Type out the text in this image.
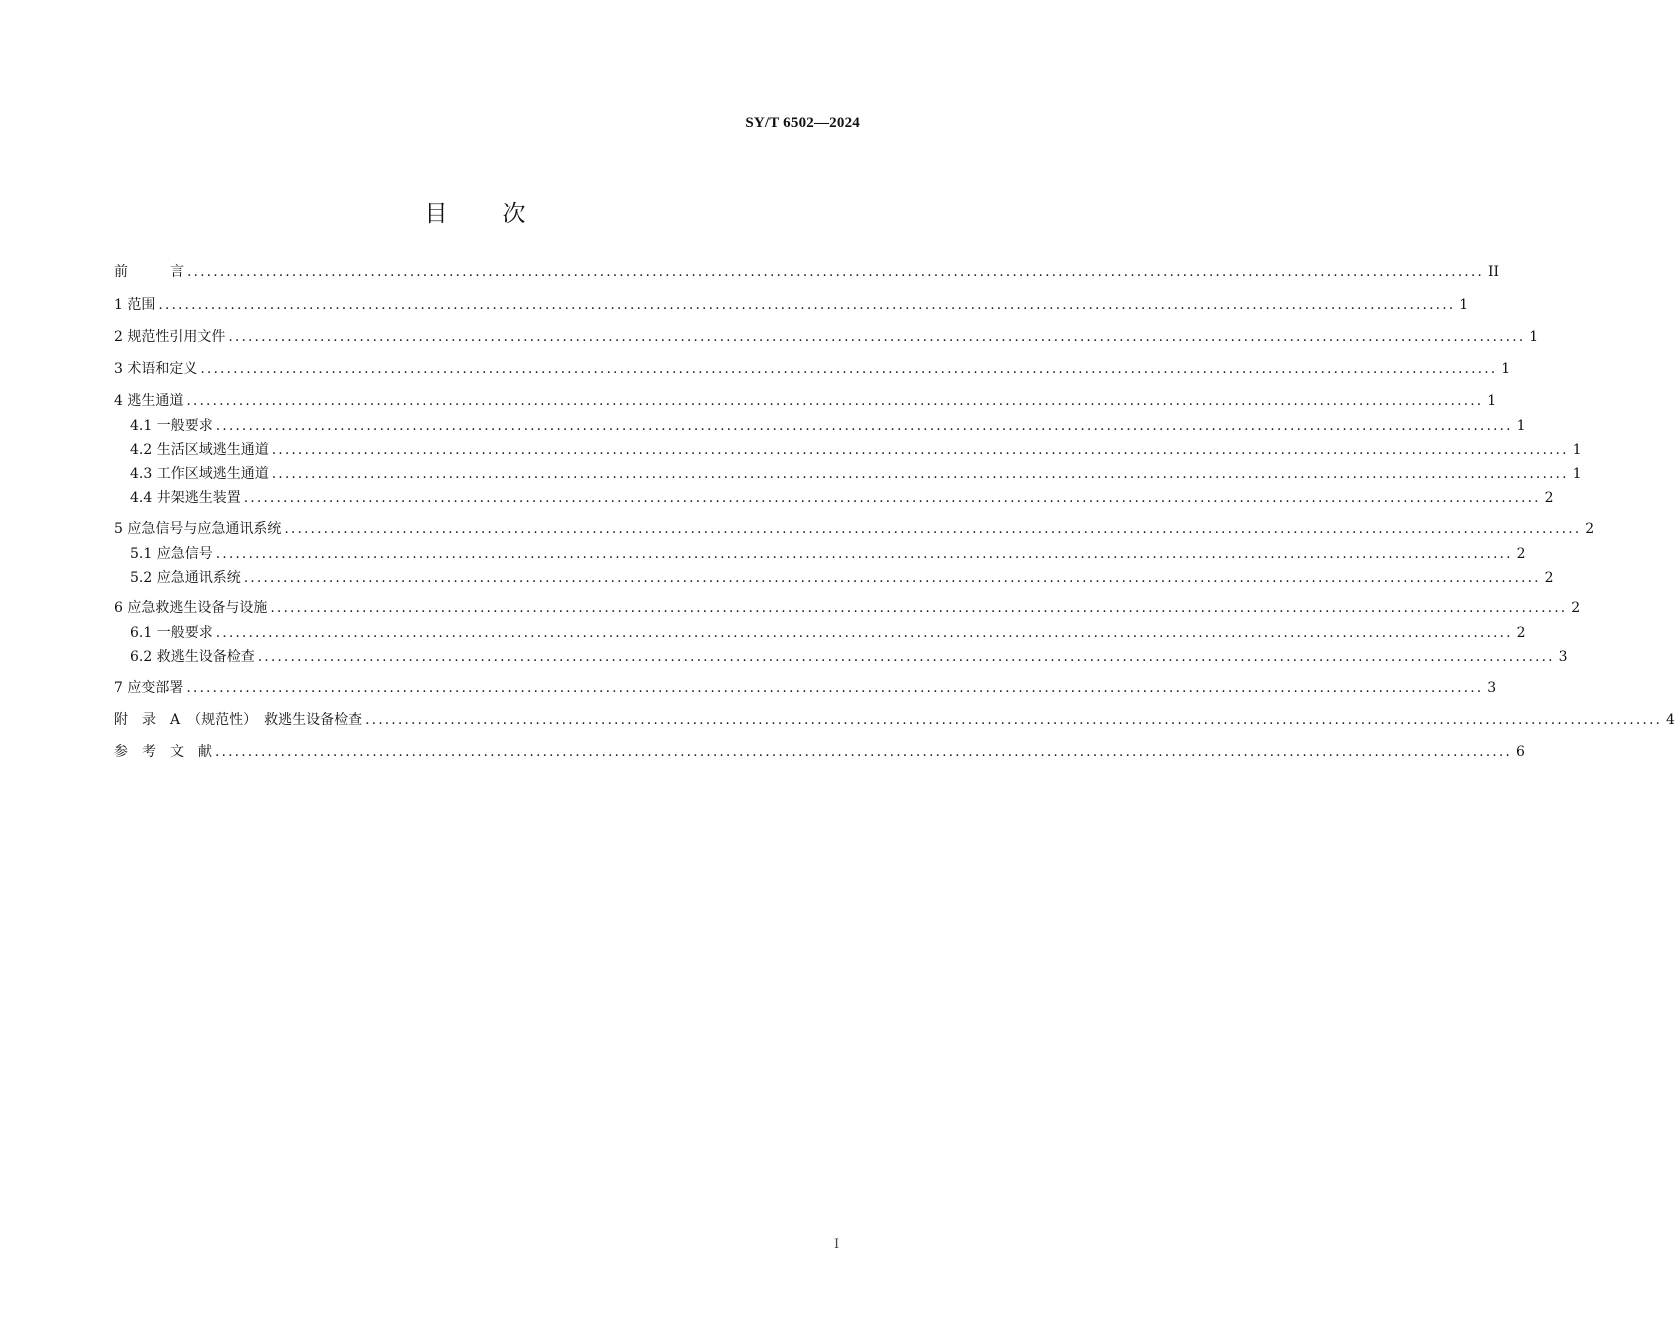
SY/T 6502—2024
目 次
前　　　言 ...................................................................................................................................................................................................... II
1 范围 ...................................................................................................................................................................................................... 1
2 规范性引用文件 ...................................................................................................................................................................................................... 1
3 术语和定义 ...................................................................................................................................................................................................... 1
4 逃生通道 ...................................................................................................................................................................................................... 1
4.1 一般要求 ...................................................................................................................................................................................................... 1
4.2 生活区域逃生通道 ...................................................................................................................................................................................................... 1
4.3 工作区域逃生通道 ...................................................................................................................................................................................................... 1
4.4 井架逃生装置 ...................................................................................................................................................................................................... 2
5 应急信号与应急通讯系统 ...................................................................................................................................................................................................... 2
5.1 应急信号 ...................................................................................................................................................................................................... 2
5.2 应急通讯系统 ...................................................................................................................................................................................................... 2
6 应急救逃生设备与设施 ...................................................................................................................................................................................................... 2
6.1 一般要求 ...................................................................................................................................................................................................... 2
6.2 救逃生设备检查 ...................................................................................................................................................................................................... 3
7 应变部署 ...................................................................................................................................................................................................... 3
附　录　A　（规范性）　救逃生设备检查 ...................................................................................................................................................................................................... 4
参　考　文　献 ...................................................................................................................................................................................................... 6
I
